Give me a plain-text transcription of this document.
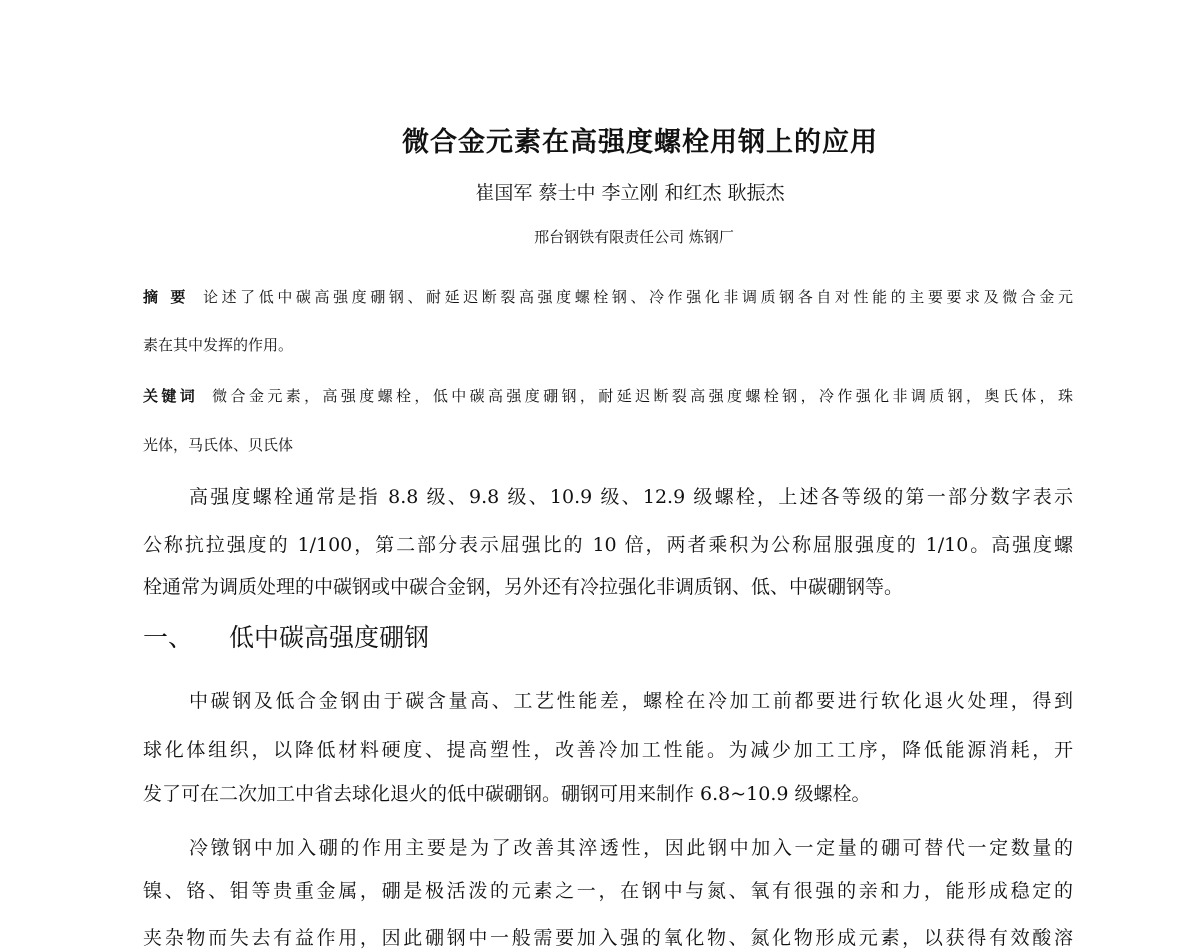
微合金元素在高强度螺栓用钢上的应用
崔国军 蔡士中 李立刚 和红杰 耿振杰
邢台钢铁有限责任公司 炼钢厂
摘 要 论述了低中碳高强度硼钢、耐延迟断裂高强度螺栓钢、冷作强化非调质钢各自对性能的主要要求及微合金元
素在其中发挥的作用。
关键词 微合金元素，高强度螺栓，低中碳高强度硼钢，耐延迟断裂高强度螺栓钢，冷作强化非调质钢，奥氏体，珠
光体，马氏体、贝氏体
高强度螺栓通常是指 8.8 级、9.8 级、10.9 级、12.9 级螺栓，上述各等级的第一部分数字表示
公称抗拉强度的 1/100，第二部分表示屈强比的 10 倍，两者乘积为公称屈服强度的 1/10。高强度螺
栓通常为调质处理的中碳钢或中碳合金钢，另外还有冷拉强化非调质钢、低、中碳硼钢等。
一、 低中碳高强度硼钢
中碳钢及低合金钢由于碳含量高、工艺性能差，螺栓在冷加工前都要进行软化退火处理，得到
球化体组织，以降低材料硬度、提高塑性，改善冷加工性能。为减少加工工序，降低能源消耗，开
发了可在二次加工中省去球化退火的低中碳硼钢。硼钢可用来制作 6.8~10.9 级螺栓。
冷镦钢中加入硼的作用主要是为了改善其淬透性，因此钢中加入一定量的硼可替代一定数量的
镍、铬、钼等贵重金属，硼是极活泼的元素之一，在钢中与氮、氧有很强的亲和力，能形成稳定的
夹杂物而失去有益作用，因此硼钢中一般需要加入强的氧化物、氮化物形成元素，以获得有效酸溶
